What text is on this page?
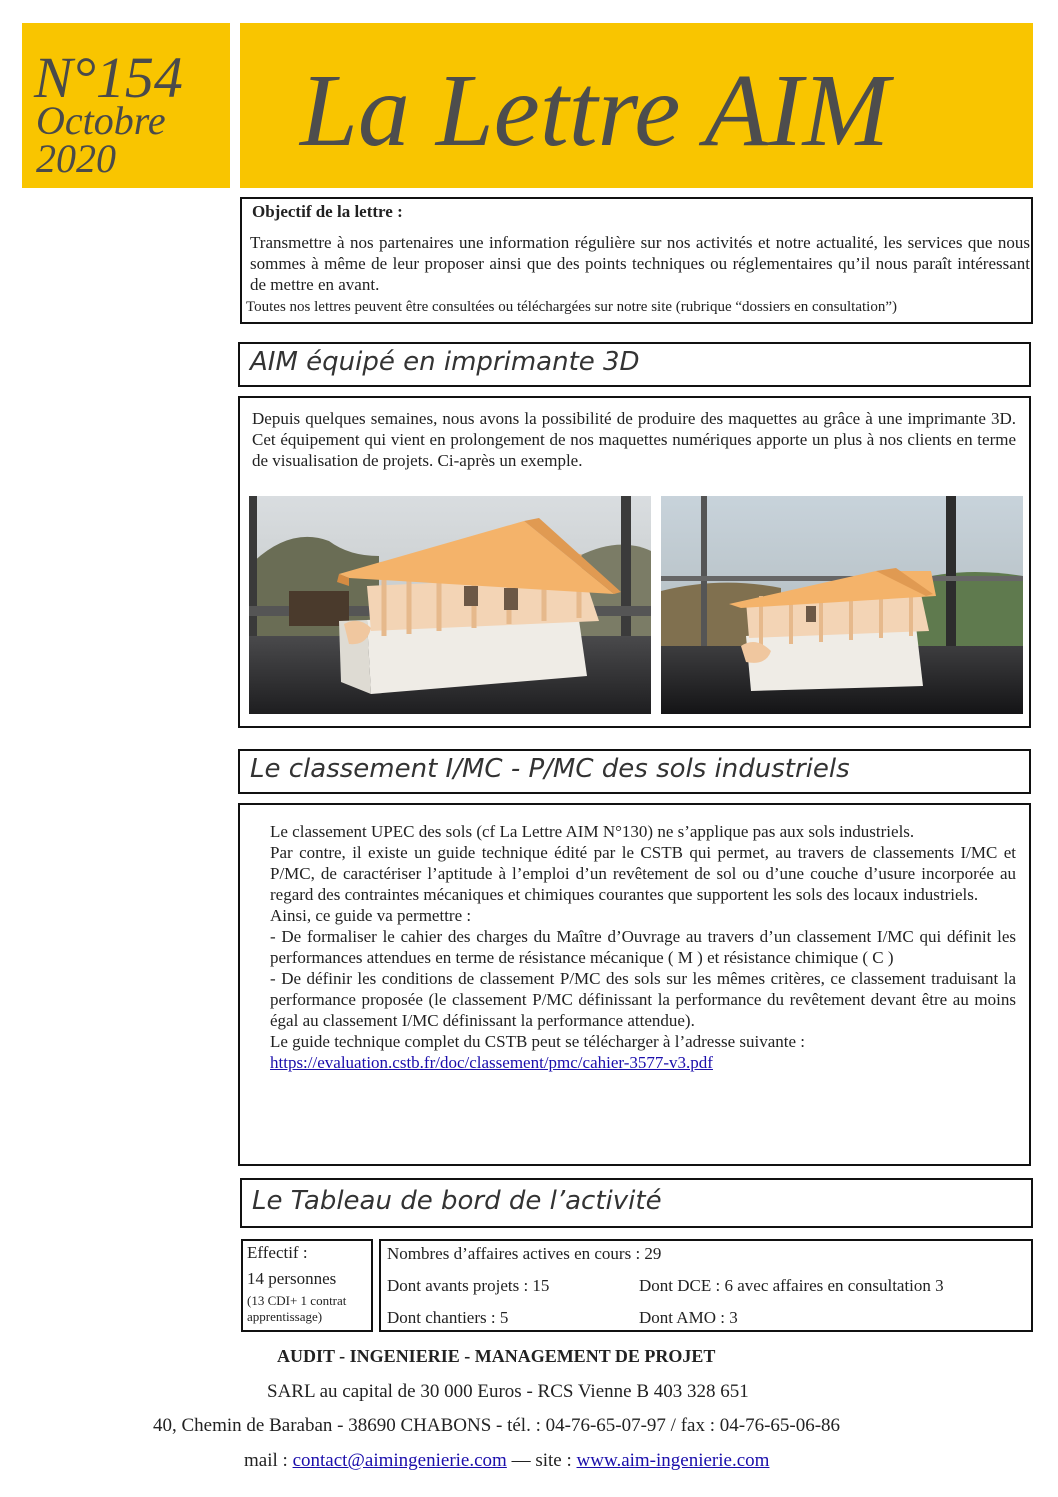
N°154
Octobre
2020 La Lettre AIM
Objectif de la lettre :
Transmettre à nos partenaires une information régulière sur nos activités et notre actualité, les services que nous sommes à même de leur proposer ainsi que des points techniques ou réglementaires qu’il nous paraît intéressant de mettre en avant.
Toutes nos lettres peuvent être consultées ou téléchargées sur notre site (rubrique “dossiers en consultation”)
AIM équipé en imprimante 3D
Depuis quelques semaines, nous avons la possibilité de produire des maquettes au grâce à une imprimante 3D. Cet équipement qui vient en prolongement de nos maquettes numériques apporte un plus à nos clients en terme de visualisation de projets. Ci-après un exemple.
Le classement I/MC - P/MC des sols industriels

Le classement UPEC des sols (cf La Lettre AIM N°130) ne s’applique pas aux sols industriels.

Par contre, il existe un guide technique édité par le CSTB qui permet, au travers de classements I/MC et P/MC, de caractériser l’aptitude à l’emploi d’un revêtement de sol ou d’une couche d’usure incorporée au regard des contraintes mécaniques et chimiques courantes que supportent les sols des locaux industriels.

Ainsi, ce guide va permettre :

- De formaliser le cahier des charges du Maître d’Ouvrage au travers d’un classement I/MC qui définit les performances attendues en terme de résistance mécanique ( M ) et résistance chimique ( C )

- De définir les conditions de classement P/MC des sols sur les mêmes critères, ce classement traduisant la performance proposée (le classement P/MC définissant la performance du revêtement devant être au moins égal au classement I/MC définissant la performance attendue).

Le guide technique complet du CSTB peut se télécharger à l’adresse suivante :

https://evaluation.cstb.fr/doc/classement/pmc/cahier-3577-v3.pdf

Le Tableau de bord de l’activité
Effectif :
14 personnes
(13 CDI+ 1 contrat apprentissage)
Nombres d’affaires actives en cours : 29
Dont avants projets : 15	Dont DCE : 6 avec affaires en consultation 3
Dont chantiers : 5	Dont AMO : 3
AUDIT - INGENIERIE - MANAGEMENT DE PROJET
SARL au capital de 30 000 Euros - RCS Vienne B 403 328 651
40, Chemin de Baraban - 38690 CHABONS - tél. : 04-76-65-07-97 / fax : 04-76-65-06-86
mail : contact@aimingenierie.com — site : www.aim-ingenierie.com
